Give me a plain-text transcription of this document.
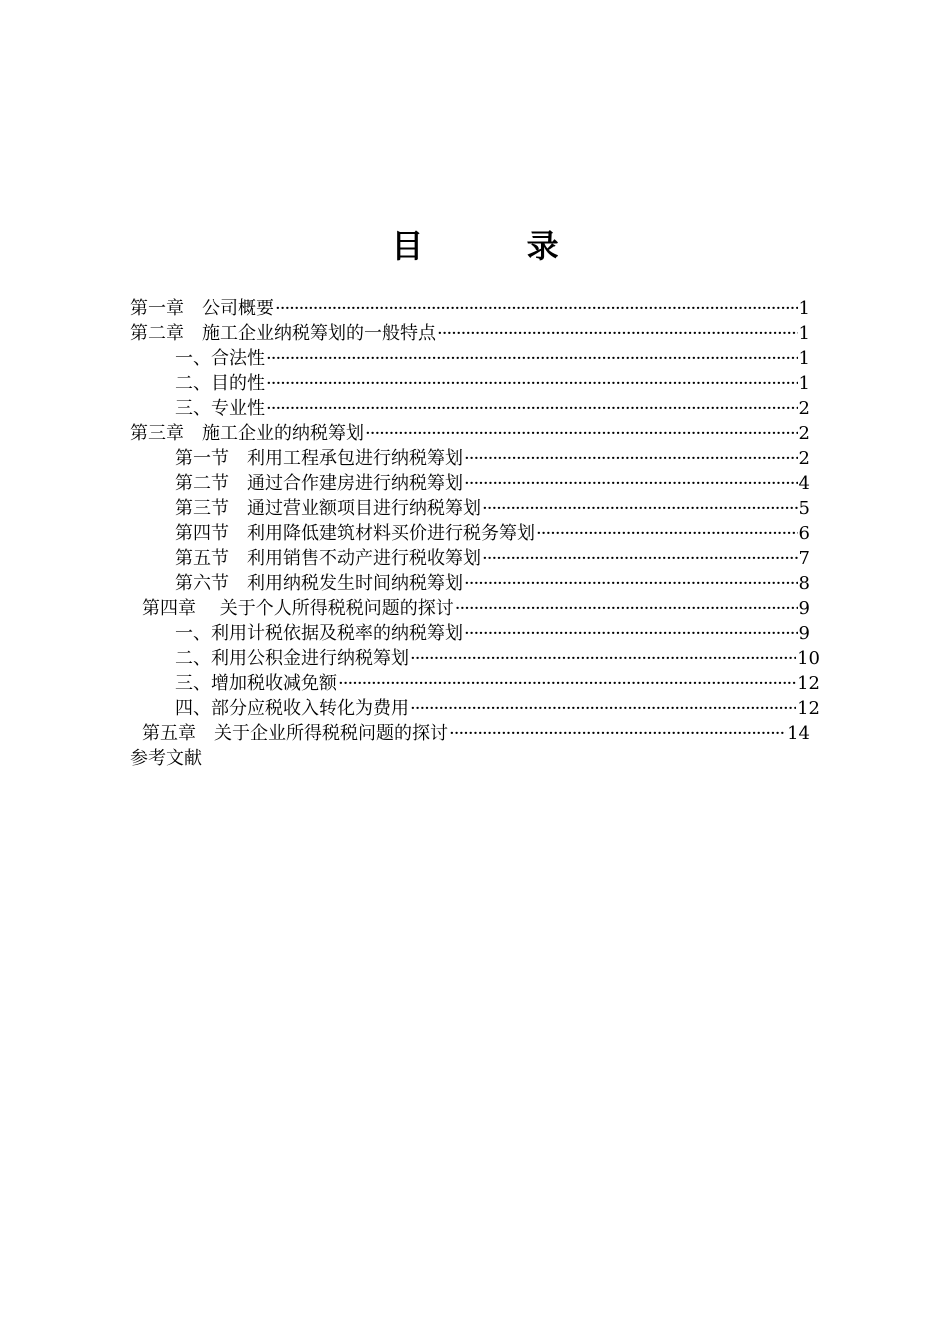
目 录
第一章　公司概要 ·····	1
第二章　施工企业纳税筹划的一般特点 ·····	1
一、合法性 ·····	1
二、目的性 ·····	1
三、专业性 ·····	2
第三章　施工企业的纳税筹划 ·····	2
第一节　利用工程承包进行纳税筹划 ·····	2
第二节　通过合作建房进行纳税筹划 ·····	4
第三节　通过营业额项目进行纳税筹划 ·····	5
第四节　利用降低建筑材料买价进行税务筹划 ·····	6
第五节　利用销售不动产进行税收筹划 ·····	7
第六节　利用纳税发生时间纳税筹划 ·····	8
第四章　 关于个人所得税税问题的探讨 ·····	9
一、利用计税依据及税率的纳税筹划 ·····	9
二、利用公积金进行纳税筹划 ·····	10
三、增加税收减免额 ·····	12
四、部分应税收入转化为费用 ·····	12
第五章　关于企业所得税税问题的探讨 ·····	14
参考文献
